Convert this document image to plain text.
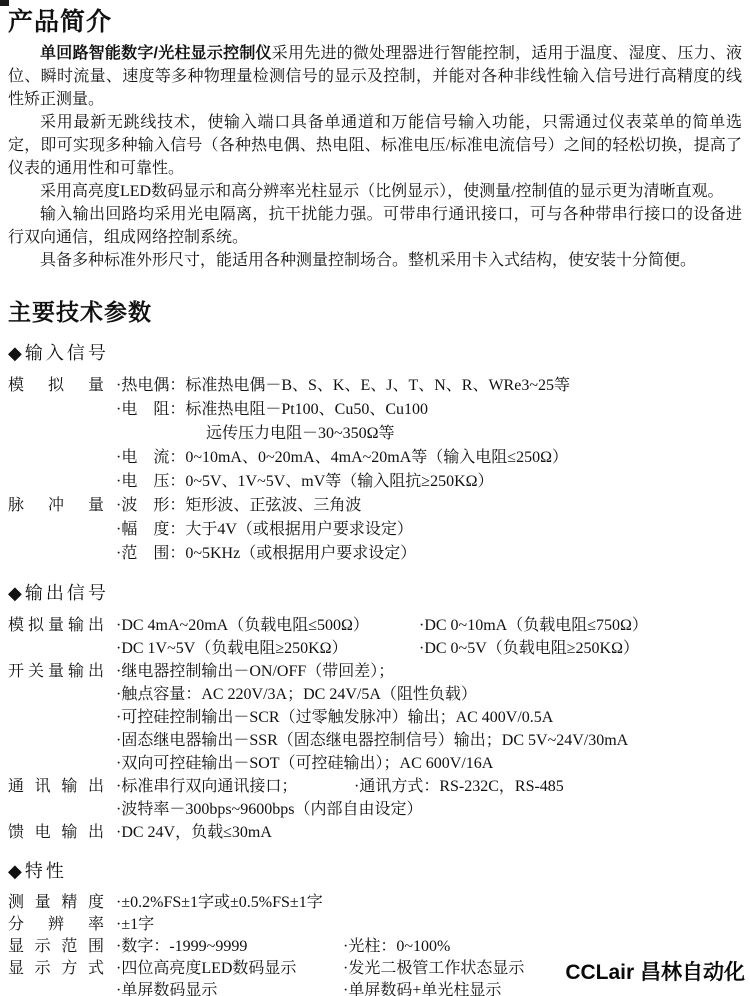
产品简介

单回路智能数字/光柱显示控制仪采用先进的微处理器进行智能控制，适用于温度、湿度、压力、液位、瞬时流量、速度等多种物理量检测信号的显示及控制，并能对各种非线性输入信号进行高精度的线性矫正测量。

采用最新无跳线技术，使输入端口具备单通道和万能信号输入功能，只需通过仪表菜单的简单选定，即可实现多种输入信号（各种热电偶、热电阻、标准电压/标准电流信号）之间的轻松切换，提高了仪表的通用性和可靠性。

采用高亮度LED数码显示和高分辨率光柱显示（比例显示），使测量/控制值的显示更为清晰直观。

输入输出回路均采用光电隔离，抗干扰能力强。可带串行通讯接口，可与各种带串行接口的设备进行双向通信，组成网络控制系统。

具备多种标准外形尺寸，能适用各种测量控制场合。整机采用卡入式结构，使安装十分简便。

主要技术参数
◆输入信号
模拟量 ·热电偶：标准热电偶－B、S、K、E、J、T、N、R、WRe3~25等
·电　阻：标准热电阻－Pt100、Cu50、Cu100
远传压力电阻－30~350Ω等
·电　流：0~10mA、0~20mA、4mA~20mA等（输入电阻≤250Ω）
·电　压：0~5V、1V~5V、mV等（输入阻抗≥250KΩ）
脉冲量 ·波　形：矩形波、正弦波、三角波
·幅　度：大于4V（或根据用户要求设定）
·范　围：0~5KHz（或根据用户要求设定）
◆输出信号
模拟量输出 ·DC 4mA~20mA（负载电阻≤500Ω）	·DC 0~10mA（负载电阻≤750Ω）
·DC 1V~5V（负载电阻≥250KΩ）	·DC 0~5V（负载电阻≥250KΩ）
开关量输出 ·继电器控制输出－ON/OFF（带回差）；
·触点容量：AC 220V/3A；DC 24V/5A（阻性负载）
·可控硅控制输出－SCR（过零触发脉冲）输出；AC 400V/0.5A
·固态继电器输出－SSR（固态继电器控制信号）输出；DC 5V~24V/30mA
·双向可控硅输出－SOT（可控硅输出）；AC 600V/16A
通讯输出 ·标准串行双向通讯接口；	·通讯方式：RS-232C，RS-485
·波特率－300bps~9600bps（内部自由设定）
馈电输出 ·DC 24V，负载≤30mA
◆特性
测量精度 ·±0.2%FS±1字或±0.5%FS±1字
分辨率 ·±1字
显示范围 ·数字：-1999~9999	·光柱：0~100%
显示方式 ·四位高亮度LED数码显示	·发光二极管工作状态显示
·单屏数码显示	·单屏数码+单光柱显示
CCLair 昌林自动化
